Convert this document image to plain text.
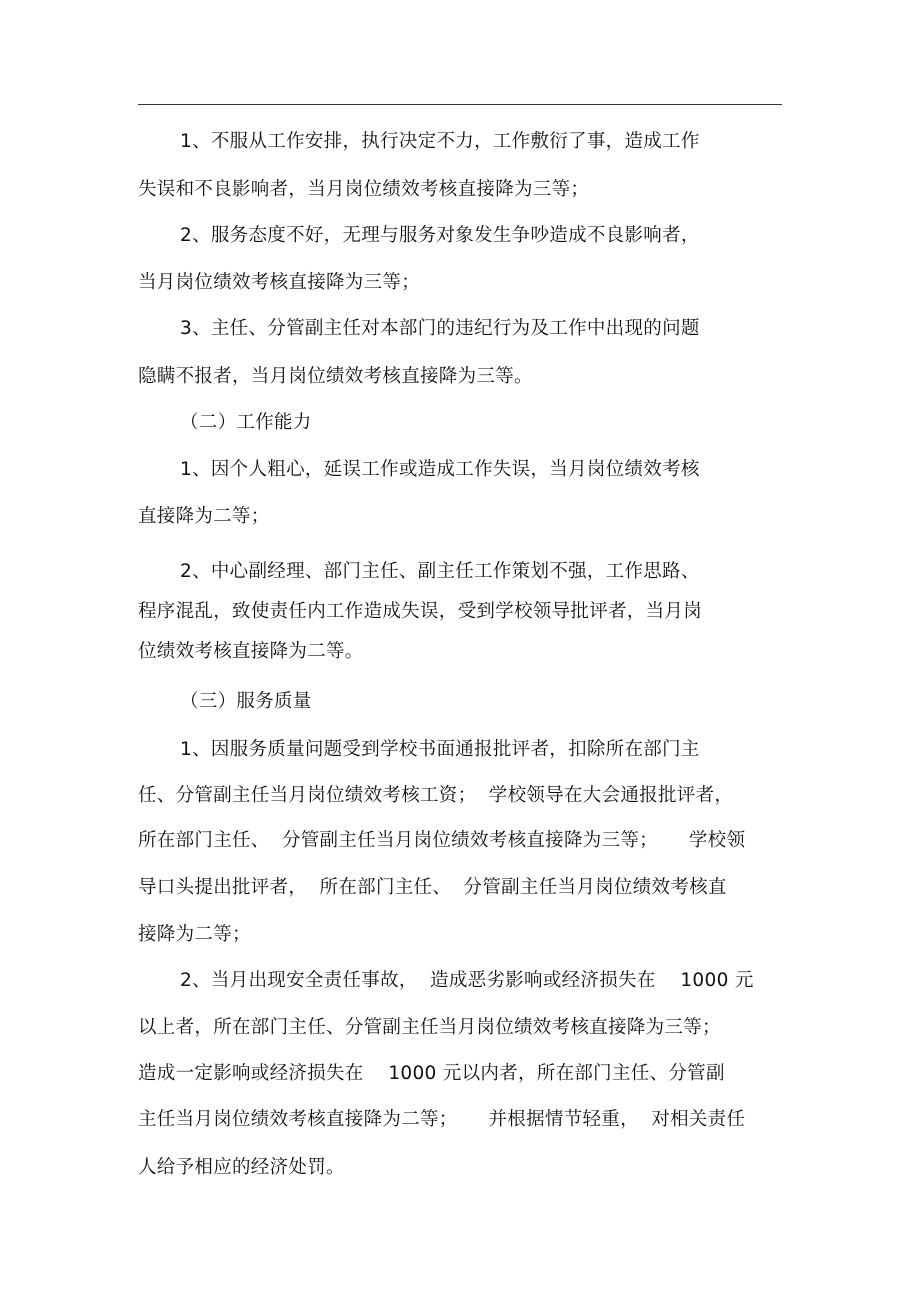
1、不服从工作安排，执行决定不力，工作敷衍了事，造成工作
失误和不良影响者，当月岗位绩效考核直接降为三等；
2、服务态度不好，无理与服务对象发生争吵造成不良影响者，
当月岗位绩效考核直接降为三等；
3、主任、分管副主任对本部门的违纪行为及工作中出现的问题
隐瞒不报者，当月岗位绩效考核直接降为三等。
（二）工作能力
1、因个人粗心，延误工作或造成工作失误，当月岗位绩效考核
直接降为二等；
2、中心副经理、部门主任、副主任工作策划不强，工作思路、
程序混乱，致使责任内工作造成失误，受到学校领导批评者，当月岗
位绩效考核直接降为二等。
（三）服务质量
1、因服务质量问题受到学校书面通报批评者，扣除所在部门主
任、分管副主任当月岗位绩效考核工资；  学校领导在大会通报批评者，
所在部门主任、  分管副主任当月岗位绩效考核直接降为三等；     学校领
导口头提出批评者，  所在部门主任、  分管副主任当月岗位绩效考核直
接降为二等；
2、当月出现安全责任事故，  造成恶劣影响或经济损失在    1000 元
以上者，所在部门主任、分管副主任当月岗位绩效考核直接降为三等；
造成一定影响或经济损失在    1000 元以内者，所在部门主任、分管副
主任当月岗位绩效考核直接降为二等；     并根据情节轻重，  对相关责任
人给予相应的经济处罚。
